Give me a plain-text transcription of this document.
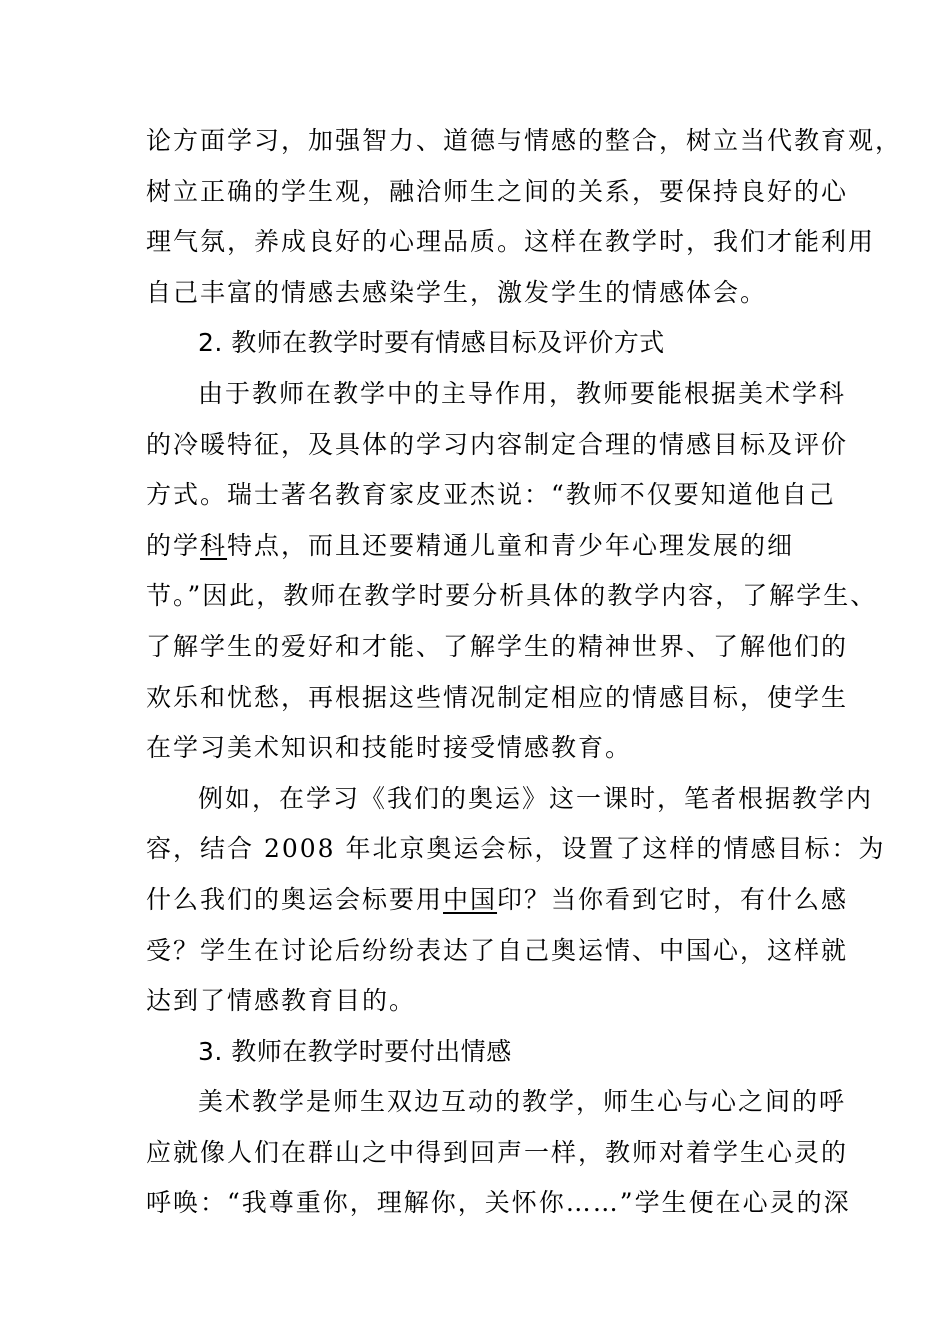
论方面学习，加强智力、道德与情感的整合，树立当代教育观，
树立正确的学生观，融洽师生之间的关系，要保持良好的心
理气氛，养成良好的心理品质。这样在教学时，我们才能利用
自己丰富的情感去感染学生，激发学生的情感体会。
2. 教师在教学时要有情感目标及评价方式
由于教师在教学中的主导作用，教师要能根据美术学科
的冷暖特征，及具体的学习内容制定合理的情感目标及评价
方式。瑞士著名教育家皮亚杰说：“教师不仅要知道他自己
的学科特点，而且还要精通儿童和青少年心理发展的细
节。”因此，教师在教学时要分析具体的教学内容，了解学生、
了解学生的爱好和才能、了解学生的精神世界、了解他们的
欢乐和忧愁，再根据这些情况制定相应的情感目标，使学生
在学习美术知识和技能时接受情感教育。
例如，在学习《我们的奥运》这一课时，笔者根据教学内
容，结合 2008 年北京奥运会标，设置了这样的情感目标：为
什么我们的奥运会标要用中国印？当你看到它时，有什么感
受？学生在讨论后纷纷表达了自己奥运情、中国心，这样就
达到了情感教育目的。
3. 教师在教学时要付出情感
美术教学是师生双边互动的教学，师生心与心之间的呼
应就像人们在群山之中得到回声一样，教师对着学生心灵的
呼唤：“我尊重你，理解你，关怀你……”学生便在心灵的深
